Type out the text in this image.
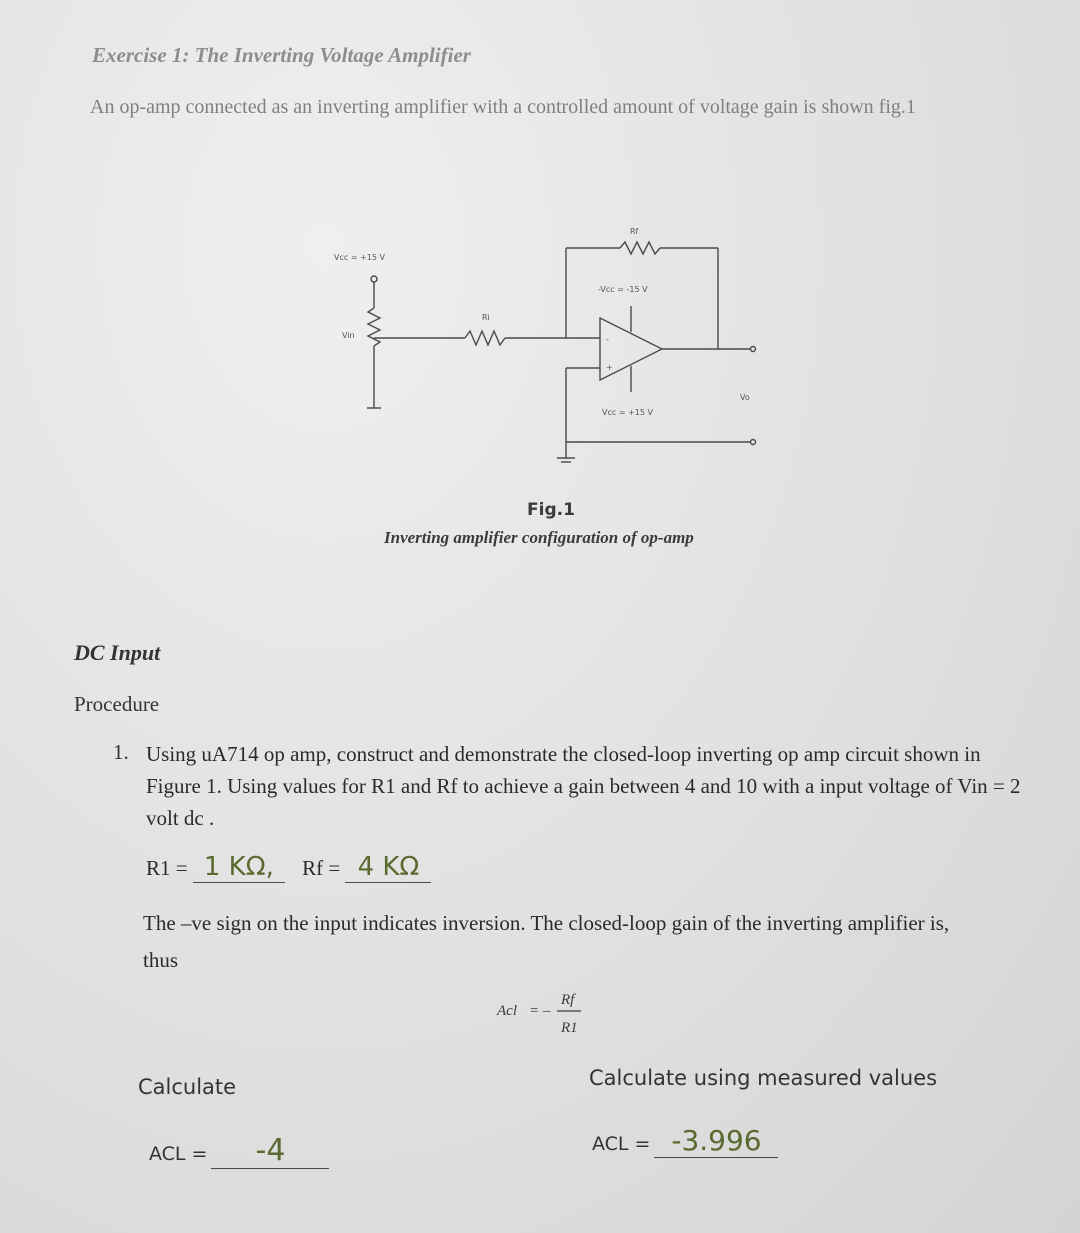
Exercise 1: The Inverting Voltage Amplifier
An op-amp connected as an inverting amplifier with a controlled amount of voltage gain is shown fig.1
Vcc = +15 V
Vin
Ri
Rf
-Vcc = -15 V
Vcc = +15 V
Vo
-
+
Fig.1
Inverting amplifier configuration of op-amp
DC Input
Procedure
1. Using uA714 op amp, construct and demonstrate the closed-loop inverting op amp circuit shown in Figure 1. Using values for R1 and Rf to achieve a gain between 4 and 10 with a input voltage of Vin = 2 volt dc .
R1 = 1 KΩ, Rf = 4 KΩ
The –ve sign on the input indicates inversion. The closed-loop gain of the inverting amplifier is, thus
Acl = –
Rf
R1
Calculate	Calculate using measured values
ACL = -4	ACL = -3.996
